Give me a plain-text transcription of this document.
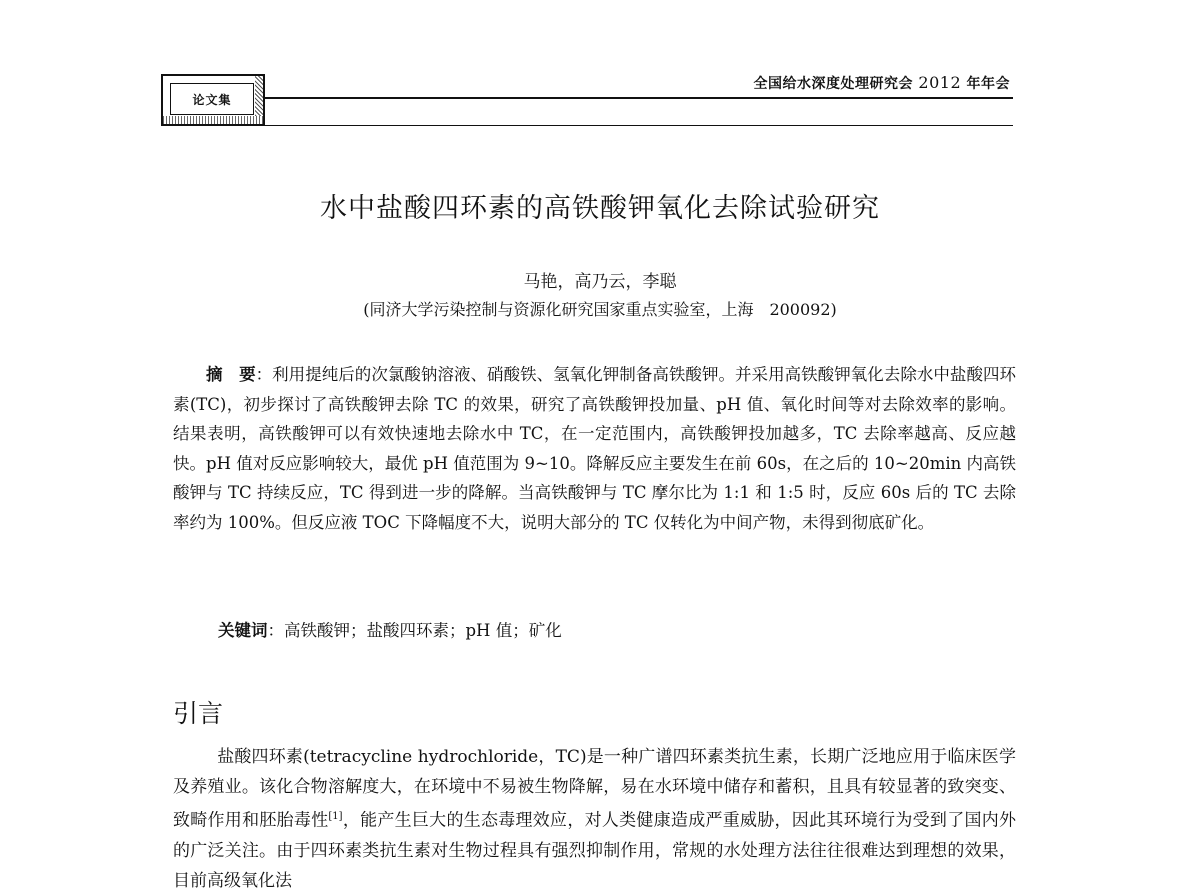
论文集
全国给水深度处理研究会 2012 年年会
水中盐酸四环素的高铁酸钾氧化去除试验研究
马艳，高乃云，李聪
(同济大学污染控制与资源化研究国家重点实验室，上海　200092)
摘　要：利用提纯后的次氯酸钠溶液、硝酸铁、氢氧化钾制备高铁酸钾。并采用高铁酸钾氧化去除水中盐酸四环素(TC)，初步探讨了高铁酸钾去除 TC 的效果，研究了高铁酸钾投加量、pH 值、氧化时间等对去除效率的影响。结果表明，高铁酸钾可以有效快速地去除水中 TC，在一定范围内，高铁酸钾投加越多，TC 去除率越高、反应越快。pH 值对反应影响较大，最优 pH 值范围为 9~10。降解反应主要发生在前 60s，在之后的 10~20min 内高铁酸钾与 TC 持续反应，TC 得到进一步的降解。当高铁酸钾与 TC 摩尔比为 1:1 和 1:5 时，反应 60s 后的 TC 去除率约为 100%。但反应液 TOC 下降幅度不大，说明大部分的 TC 仅转化为中间产物，未得到彻底矿化。
关键词：高铁酸钾；盐酸四环素；pH 值；矿化
引言
盐酸四环素(tetracycline hydrochloride，TC)是一种广谱四环素类抗生素，长期广泛地应用于临床医学及养殖业。该化合物溶解度大，在环境中不易被生物降解，易在水环境中储存和蓄积，且具有较显著的致突变、致畸作用和胚胎毒性[1]，能产生巨大的生态毒理效应，对人类健康造成严重威胁，因此其环境行为受到了国内外的广泛关注。由于四环素类抗生素对生物过程具有强烈抑制作用，常规的水处理方法往往很难达到理想的效果，目前高级氧化法
